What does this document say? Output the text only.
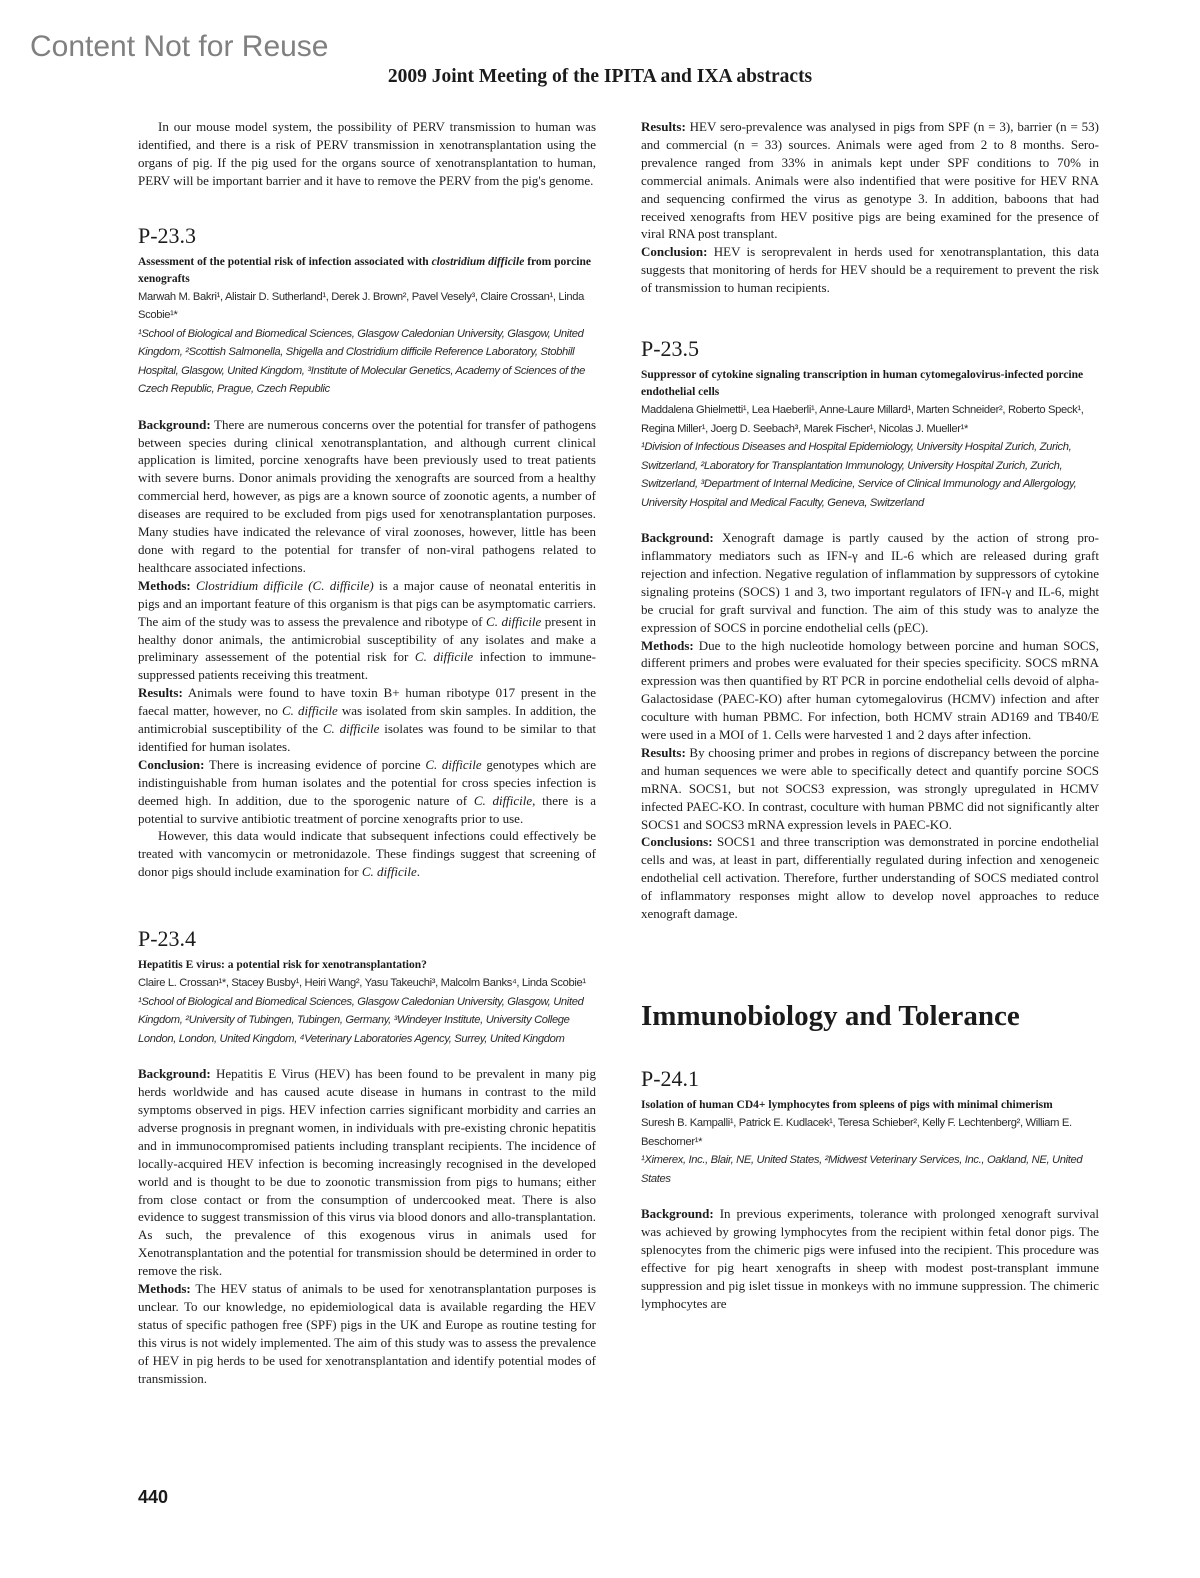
Content Not for Reuse
2009 Joint Meeting of the IPITA and IXA abstracts

In our mouse model system, the possibility of PERV transmission to human was identified, and there is a risk of PERV transmission in xenotransplantation using the organs of pig. If the pig used for the organs source of xenotransplantation to human, PERV will be important barrier and it have to remove the PERV from the pig's genome.

P-23.3

Assessment of the potential risk of infection associated with clostridium difficile from porcine xenografts

Marwah M. Bakri¹, Alistair D. Sutherland¹, Derek J. Brown², Pavel Vesely³, Claire Crossan¹, Linda Scobie¹*

¹School of Biological and Biomedical Sciences, Glasgow Caledonian University, Glasgow, United Kingdom, ²Scottish Salmonella, Shigella and Clostridium difficile Reference Laboratory, Stobhill Hospital, Glasgow, United Kingdom, ³Institute of Molecular Genetics, Academy of Sciences of the Czech Republic, Prague, Czech Republic

Background: There are numerous concerns over the potential for transfer of pathogens between species during clinical xenotransplantation, and although current clinical application is limited, porcine xenografts have been previously used to treat patients with severe burns. Donor animals providing the xenografts are sourced from a healthy commercial herd, however, as pigs are a known source of zoonotic agents, a number of diseases are required to be excluded from pigs used for xenotransplantation purposes. Many studies have indicated the relevance of viral zoonoses, however, little has been done with regard to the potential for transfer of non-viral pathogens related to healthcare associated infections.

Methods: Clostridium difficile (C. difficile) is a major cause of neonatal enteritis in pigs and an important feature of this organism is that pigs can be asymptomatic carriers. The aim of the study was to assess the prevalence and ribotype of C. difficile present in healthy donor animals, the antimicrobial susceptibility of any isolates and make a preliminary assessement of the potential risk for C. difficile infection to immune-suppressed patients receiving this treatment.

Results: Animals were found to have toxin B+ human ribotype 017 present in the faecal matter, however, no C. difficile was isolated from skin samples. In addition, the antimicrobial susceptibility of the C. difficile isolates was found to be similar to that identified for human isolates.

Conclusion: There is increasing evidence of porcine C. difficile genotypes which are indistinguishable from human isolates and the potential for cross species infection is deemed high. In addition, due to the sporogenic nature of C. difficile, there is a potential to survive antibiotic treatment of porcine xenografts prior to use.

However, this data would indicate that subsequent infections could effectively be treated with vancomycin or metronidazole. These findings suggest that screening of donor pigs should include examination for C. difficile.

P-23.4

Hepatitis E virus: a potential risk for xenotransplantation?

Claire L. Crossan¹*, Stacey Busby¹, Heiri Wang², Yasu Takeuchi³, Malcolm Banks⁴, Linda Scobie¹

¹School of Biological and Biomedical Sciences, Glasgow Caledonian University, Glasgow, United Kingdom, ²University of Tubingen, Tubingen, Germany, ³Windeyer Institute, University College London, London, United Kingdom, ⁴Veterinary Laboratories Agency, Surrey, United Kingdom

Background: Hepatitis E Virus (HEV) has been found to be prevalent in many pig herds worldwide and has caused acute disease in humans in contrast to the mild symptoms observed in pigs. HEV infection carries significant morbidity and carries an adverse prognosis in pregnant women, in individuals with pre-existing chronic hepatitis and in immunocompromised patients including transplant recipients. The incidence of locally-acquired HEV infection is becoming increasingly recognised in the developed world and is thought to be due to zoonotic transmission from pigs to humans; either from close contact or from the consumption of undercooked meat. There is also evidence to suggest transmission of this virus via blood donors and allo-transplantation. As such, the prevalence of this exogenous virus in animals used for Xenotransplantation and the potential for transmission should be determined in order to remove the risk.

Methods: The HEV status of animals to be used for xenotransplantation purposes is unclear. To our knowledge, no epidemiological data is available regarding the HEV status of specific pathogen free (SPF) pigs in the UK and Europe as routine testing for this virus is not widely implemented. The aim of this study was to assess the prevalence of HEV in pig herds to be used for xenotransplantation and identify potential modes of transmission.

Results: HEV sero-prevalence was analysed in pigs from SPF (n = 3), barrier (n = 53) and commercial (n = 33) sources. Animals were aged from 2 to 8 months. Sero-prevalence ranged from 33% in animals kept under SPF conditions to 70% in commercial animals. Animals were also indentified that were positive for HEV RNA and sequencing confirmed the virus as genotype 3. In addition, baboons that had received xenografts from HEV positive pigs are being examined for the presence of viral RNA post transplant.

Conclusion: HEV is seroprevalent in herds used for xenotransplantation, this data suggests that monitoring of herds for HEV should be a requirement to prevent the risk of transmission to human recipients.

P-23.5

Suppressor of cytokine signaling transcription in human cytomegalovirus-infected porcine endothelial cells

Maddalena Ghielmetti¹, Lea Haeberli¹, Anne-Laure Millard¹, Marten Schneider², Roberto Speck¹, Regina Miller¹, Joerg D. Seebach³, Marek Fischer¹, Nicolas J. Mueller¹*

¹Division of Infectious Diseases and Hospital Epidemiology, University Hospital Zurich, Zurich, Switzerland, ²Laboratory for Transplantation Immunology, University Hospital Zurich, Zurich, Switzerland, ³Department of Internal Medicine, Service of Clinical Immunology and Allergology, University Hospital and Medical Faculty, Geneva, Switzerland

Background: Xenograft damage is partly caused by the action of strong pro-inflammatory mediators such as IFN-γ and IL-6 which are released during graft rejection and infection. Negative regulation of inflammation by suppressors of cytokine signaling proteins (SOCS) 1 and 3, two important regulators of IFN-γ and IL-6, might be crucial for graft survival and function. The aim of this study was to analyze the expression of SOCS in porcine endothelial cells (pEC).

Methods: Due to the high nucleotide homology between porcine and human SOCS, different primers and probes were evaluated for their species specificity. SOCS mRNA expression was then quantified by RT PCR in porcine endothelial cells devoid of alpha-Galactosidase (PAEC-KO) after human cytomegalovirus (HCMV) infection and after coculture with human PBMC. For infection, both HCMV strain AD169 and TB40/E were used in a MOI of 1. Cells were harvested 1 and 2 days after infection.

Results: By choosing primer and probes in regions of discrepancy between the porcine and human sequences we were able to specifically detect and quantify porcine SOCS mRNA. SOCS1, but not SOCS3 expression, was strongly upregulated in HCMV infected PAEC-KO. In contrast, coculture with human PBMC did not significantly alter SOCS1 and SOCS3 mRNA expression levels in PAEC-KO.

Conclusions: SOCS1 and three transcription was demonstrated in porcine endothelial cells and was, at least in part, differentially regulated during infection and xenogeneic endothelial cell activation. Therefore, further understanding of SOCS mediated control of inflammatory responses might allow to develop novel approaches to reduce xenograft damage.

Immunobiology and Tolerance
P-24.1

Isolation of human CD4+ lymphocytes from spleens of pigs with minimal chimerism

Suresh B. Kampalli¹, Patrick E. Kudlacek¹, Teresa Schieber², Kelly F. Lechtenberg², William E. Beschorner¹*

¹Ximerex, Inc., Blair, NE, United States, ²Midwest Veterinary Services, Inc., Oakland, NE, United States

Background: In previous experiments, tolerance with prolonged xenograft survival was achieved by growing lymphocytes from the recipient within fetal donor pigs. The splenocytes from the chimeric pigs were infused into the recipient. This procedure was effective for pig heart xenografts in sheep with modest post-transplant immune suppression and pig islet tissue in monkeys with no immune suppression. The chimeric lymphocytes are

440
